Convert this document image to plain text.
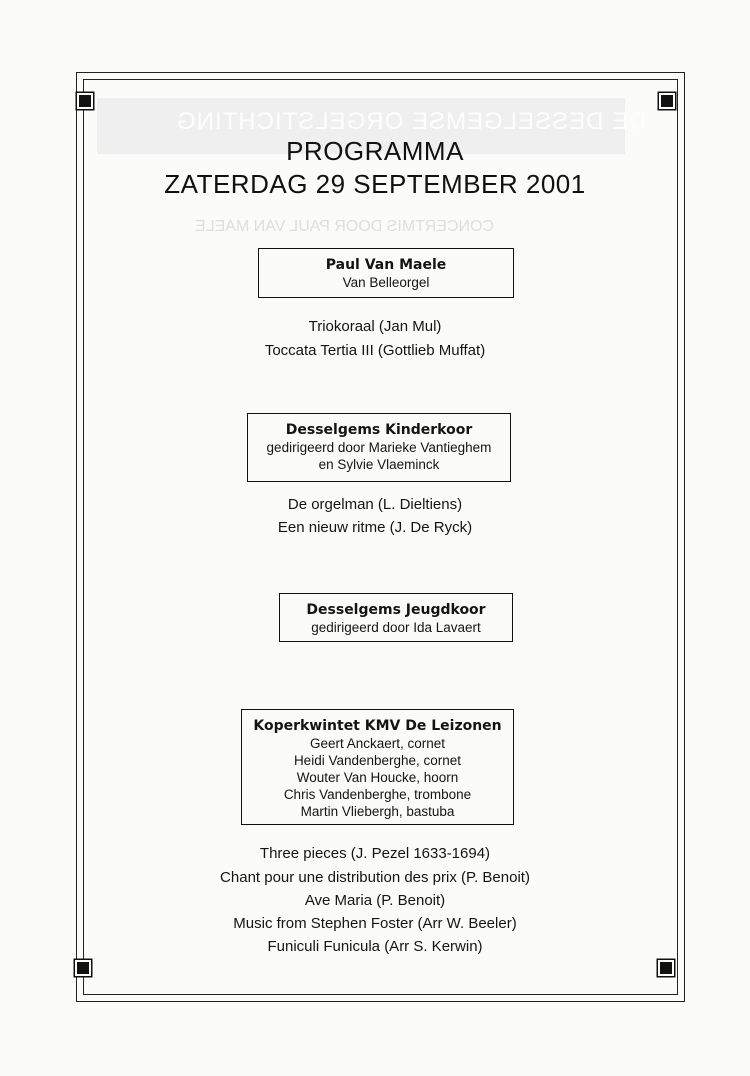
DE DESSELGEMSE ORGELSTICHTING
CONCERTMIS DOOR PAUL VAN MAELE
PROGRAMMA
ZATERDAG 29 SEPTEMBER 2001
Paul Van Maele
Van Belleorgel
Triokoraal (Jan Mul)
Toccata Tertia III (Gottlieb Muffat)
Desselgems Kinderkoor
gedirigeerd door Marieke Vantieghem
en Sylvie Vlaeminck
De orgelman (L. Dieltiens)
Een nieuw ritme (J. De Ryck)
Desselgems Jeugdkoor
gedirigeerd door Ida Lavaert
Koperkwintet KMV De Leizonen
Geert Anckaert, cornet
Heidi Vandenberghe, cornet
Wouter Van Houcke, hoorn
Chris Vandenberghe, trombone
Martin Vliebergh, bastuba
Three pieces (J. Pezel 1633-1694)
Chant pour une distribution des prix (P. Benoit)
Ave Maria (P. Benoit)
Music from Stephen Foster (Arr W. Beeler)
Funiculi Funicula (Arr S. Kerwin)
